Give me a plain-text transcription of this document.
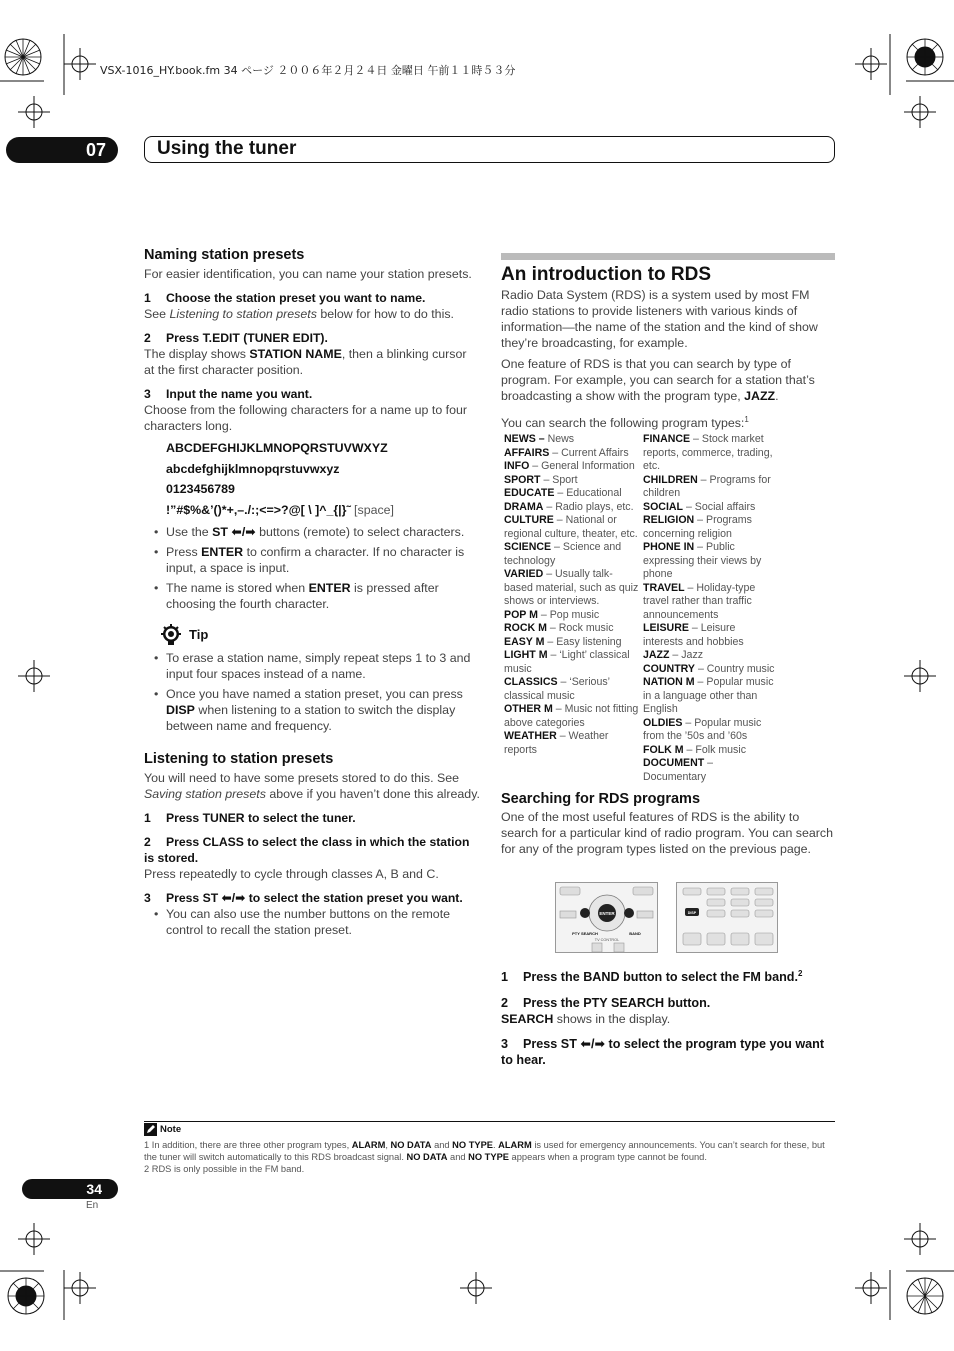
VSX-1016_HY.book.fm 34 ページ ２００６年２月２４日 金曜日 午前１１時５３分
07	Using the tuner
Naming station presets

For easier identification, you can name your station presets.

1 Choose the station preset you want to name.

See Listening to station presets below for how to do this.

2 Press T.EDIT (TUNER EDIT).

The display shows STATION NAME, then a blinking cursor at the first character position.

3 Input the name you want.

Choose from the following characters for a name up to four characters long.

ABCDEFGHIJKLMNOPQRSTUVWXYZ
abcdefghijklmnopqrstuvwxyz
0123456789
!”#$%&’()*+,–./:;<=>?@[ \ ]^_{|}˜ [space]
• Use the ST ⬅/➡ buttons (remote) to select characters.
• Press ENTER to confirm a character. If no character is input, a space is input.
• The name is stored when ENTER is pressed after choosing the fourth character.
Tip
• To erase a station name, simply repeat steps 1 to 3 and input four spaces instead of a name.
• Once you have named a station preset, you can press DISP when listening to a station to switch the display between name and frequency.
Listening to station presets

You will need to have some presets stored to do this. See Saving station presets above if you haven’t done this already.

1 Press TUNER to select the tuner.

2 Press CLASS to select the class in which the station is stored.

Press repeatedly to cycle through classes A, B and C.

3 Press ST ⬅/➡ to select the station preset you want.

• You can also use the number buttons on the remote control to recall the station preset.
An introduction to RDS

Radio Data System (RDS) is a system used by most FM radio stations to provide listeners with various kinds of information—the name of the station and the kind of show they’re broadcasting, for example.

One feature of RDS is that you can search by type of program. For example, you can search for a station that’s broadcasting a show with the program type, JAZZ.

You can search the following program types:$^1$

NEWS – News
AFFAIRS – Current Affairs
INFO – General Information
SPORT – Sport
EDUCATE – Educational
DRAMA – Radio plays, etc.
CULTURE – National or regional culture, theater, etc.
SCIENCE – Science and technology
VARIED – Usually talk-based material, such as quiz shows or interviews.
POP M – Pop music
ROCK M – Rock music
EASY M – Easy listening
LIGHT M – ‘Light’ classical music
CLASSICS – ‘Serious’ classical music
OTHER M – Music not fitting above categories
WEATHER – Weather reports
FINANCE – Stock market reports, commerce, trading, etc.
CHILDREN – Programs for children
SOCIAL – Social affairs
RELIGION – Programs concerning religion
PHONE IN – Public expressing their views by phone
TRAVEL – Holiday-type travel rather than traffic announcements
LEISURE – Leisure interests and hobbies
JAZZ – Jazz
COUNTRY – Country music
NATION M – Popular music in a language other than English
OLDIES – Popular music from the ’50s and ’60s
FOLK M – Folk music
DOCUMENT – Documentary
Searching for RDS programs

One of the most useful features of RDS is the ability to search for a particular kind of radio program. You can search for any of the program types listed on the previous page.

ENTER
PTY SEARCH	BAND
TV CONTROL
DISP

1 Press the BAND button to select the FM band.$^2$

2 Press the PTY SEARCH button.

SEARCH shows in the display.

3 Press ST ⬅/➡ to select the program type you want to hear.

Note
1 In addition, there are three other program types, ALARM, NO DATA and NO TYPE. ALARM is used for emergency announcements. You can’t search for these, but the tuner will switch automatically to this RDS broadcast signal. NO DATA and NO TYPE appears when a program type cannot be found.
2 RDS is only possible in the FM band.
34
En
